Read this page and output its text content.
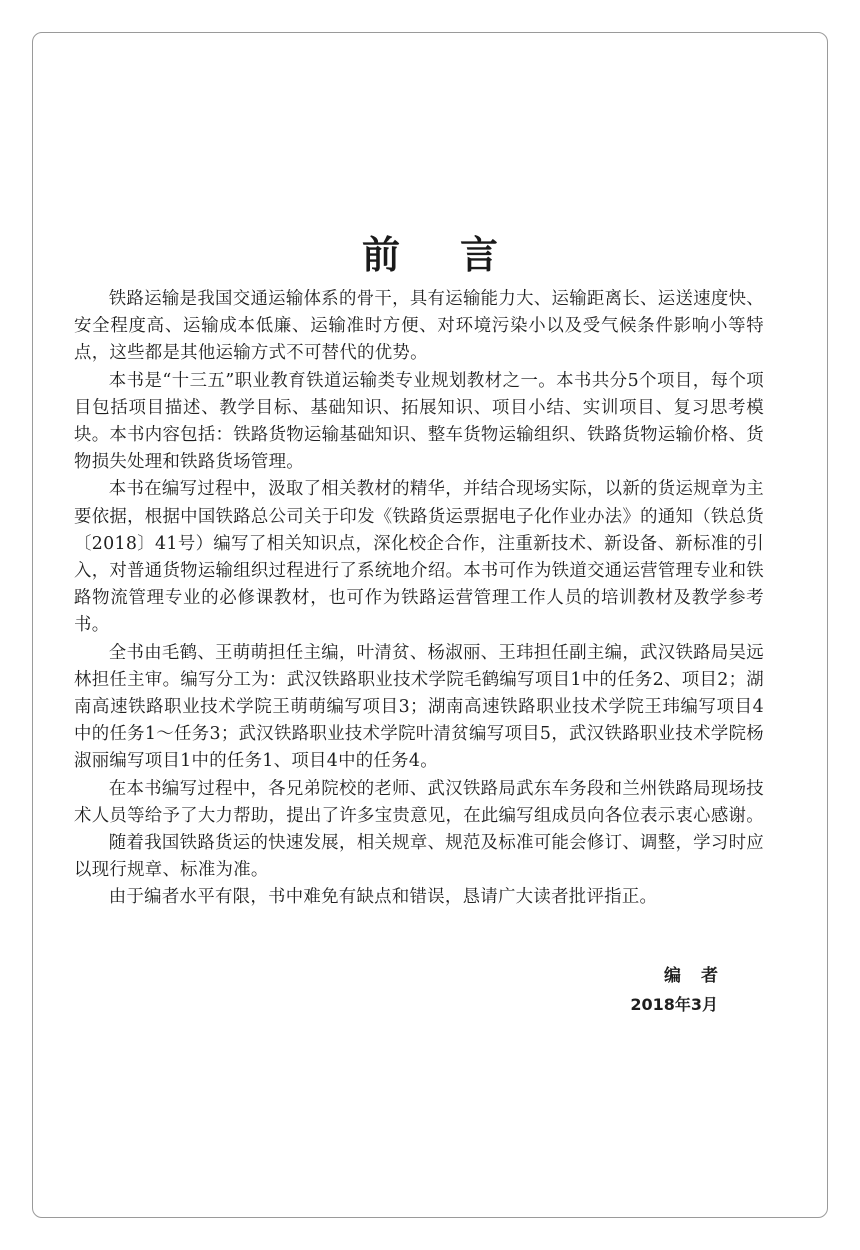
前言

铁路运输是我国交通运输体系的骨干，具有运输能力大、运输距离长、运送速度快、安全程度高、运输成本低廉、运输准时方便、对环境污染小以及受气候条件影响小等特点，这些都是其他运输方式不可替代的优势。

本书是“十三五”职业教育铁道运输类专业规划教材之一。本书共分5个项目，每个项目包括项目描述、教学目标、基础知识、拓展知识、项目小结、实训项目、复习思考模块。本书内容包括：铁路货物运输基础知识、整车货物运输组织、铁路货物运输价格、货物损失处理和铁路货场管理。

本书在编写过程中，汲取了相关教材的精华，并结合现场实际，以新的货运规章为主要依据，根据中国铁路总公司关于印发《铁路货运票据电子化作业办法》的通知（铁总货〔2018〕41号）编写了相关知识点，深化校企合作，注重新技术、新设备、新标准的引入，对普通货物运输组织过程进行了系统地介绍。本书可作为铁道交通运营管理专业和铁路物流管理专业的必修课教材，也可作为铁路运营管理工作人员的培训教材及教学参考书。

全书由毛鹤、王萌萌担任主编，叶清贫、杨淑丽、王玮担任副主编，武汉铁路局吴远林担任主审。编写分工为：武汉铁路职业技术学院毛鹤编写项目1中的任务2、项目2；湖南高速铁路职业技术学院王萌萌编写项目3；湖南高速铁路职业技术学院王玮编写项目4中的任务1～任务3；武汉铁路职业技术学院叶清贫编写项目5，武汉铁路职业技术学院杨淑丽编写项目1中的任务1、项目4中的任务4。

在本书编写过程中，各兄弟院校的老师、武汉铁路局武东车务段和兰州铁路局现场技术人员等给予了大力帮助，提出了许多宝贵意见，在此编写组成员向各位表示衷心感谢。

随着我国铁路货运的快速发展，相关规章、规范及标准可能会修订、调整，学习时应以现行规章、标准为准。

由于编者水平有限，书中难免有缺点和错误，恳请广大读者批评指正。

编者
2018年3月
